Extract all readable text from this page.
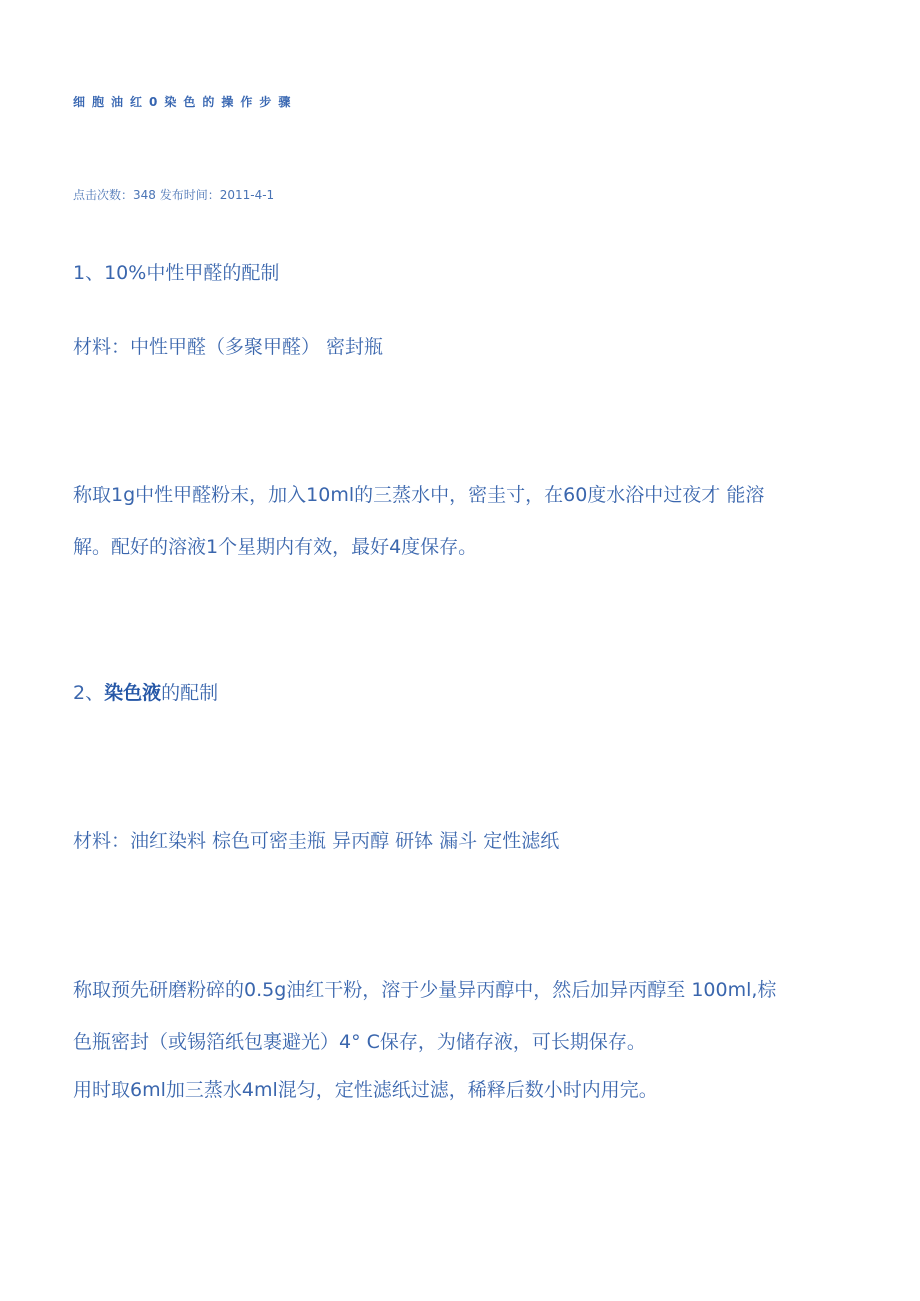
细胞油红0染色的操作步骤
点击次数：348 发布时间：2011-4-1
1、10%中性甲醛的配制
材料：中性甲醛（多聚甲醛） 密封瓶
称取1g中性甲醛粉末，加入10ml的三蒸水中，密圭寸，在60度水浴中过夜才 能溶
解。配好的溶液1个星期内有效，最好4度保存。
2、染色液的配制
材料：油红染料 棕色可密圭瓶 异丙醇 研钵 漏斗 定性滤纸
称取预先研磨粉碎的0.5g油红干粉，溶于少量异丙醇中，然后加异丙醇至 100ml,棕
色瓶密封（或锡箔纸包裹避光）4° C保存，为储存液，可长期保存。
用时取6ml加三蒸水4ml混匀，定性滤纸过滤，稀释后数小时内用完。
